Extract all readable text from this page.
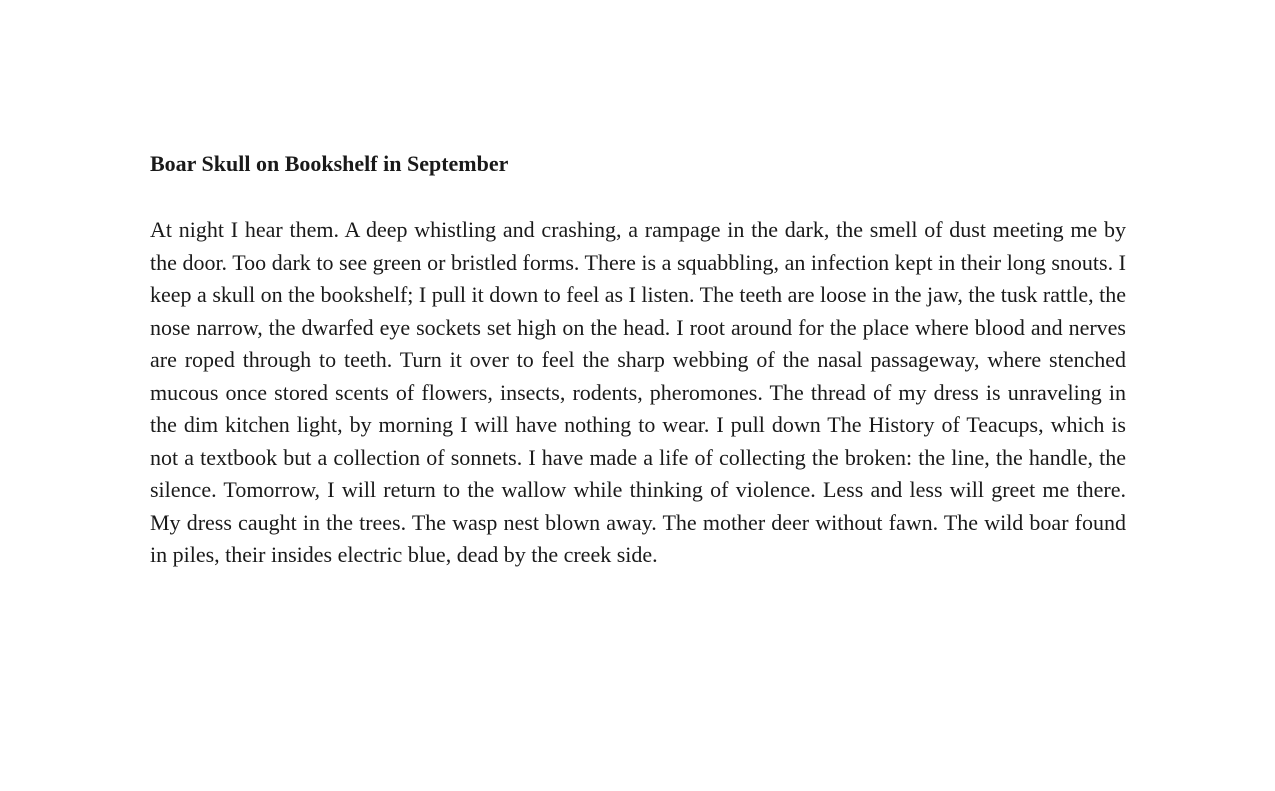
Boar Skull on Bookshelf in September

At night I hear them. A deep whistling and crashing, a rampage in the dark, the smell of dust meeting me by the door. Too dark to see green or bristled forms. There is a squabbling, an infection kept in their long snouts. I keep a skull on the bookshelf; I pull it down to feel as I listen. The teeth are loose in the jaw, the tusk rattle, the nose narrow, the dwarfed eye sockets set high on the head. I root around for the place where blood and nerves are roped through to teeth. Turn it over to feel the sharp webbing of the nasal passageway, where stenched mucous once stored scents of flowers, insects, rodents, pheromones. The thread of my dress is unraveling in the dim kitchen light, by morning I will have nothing to wear. I pull down The History of Teacups, which is not a textbook but a collection of sonnets. I have made a life of collecting the broken: the line, the handle, the silence. Tomorrow, I will return to the wallow while thinking of violence. Less and less will greet me there. My dress caught in the trees. The wasp nest blown away. The mother deer without fawn. The wild boar found in piles, their insides electric blue, dead by the creek side.
